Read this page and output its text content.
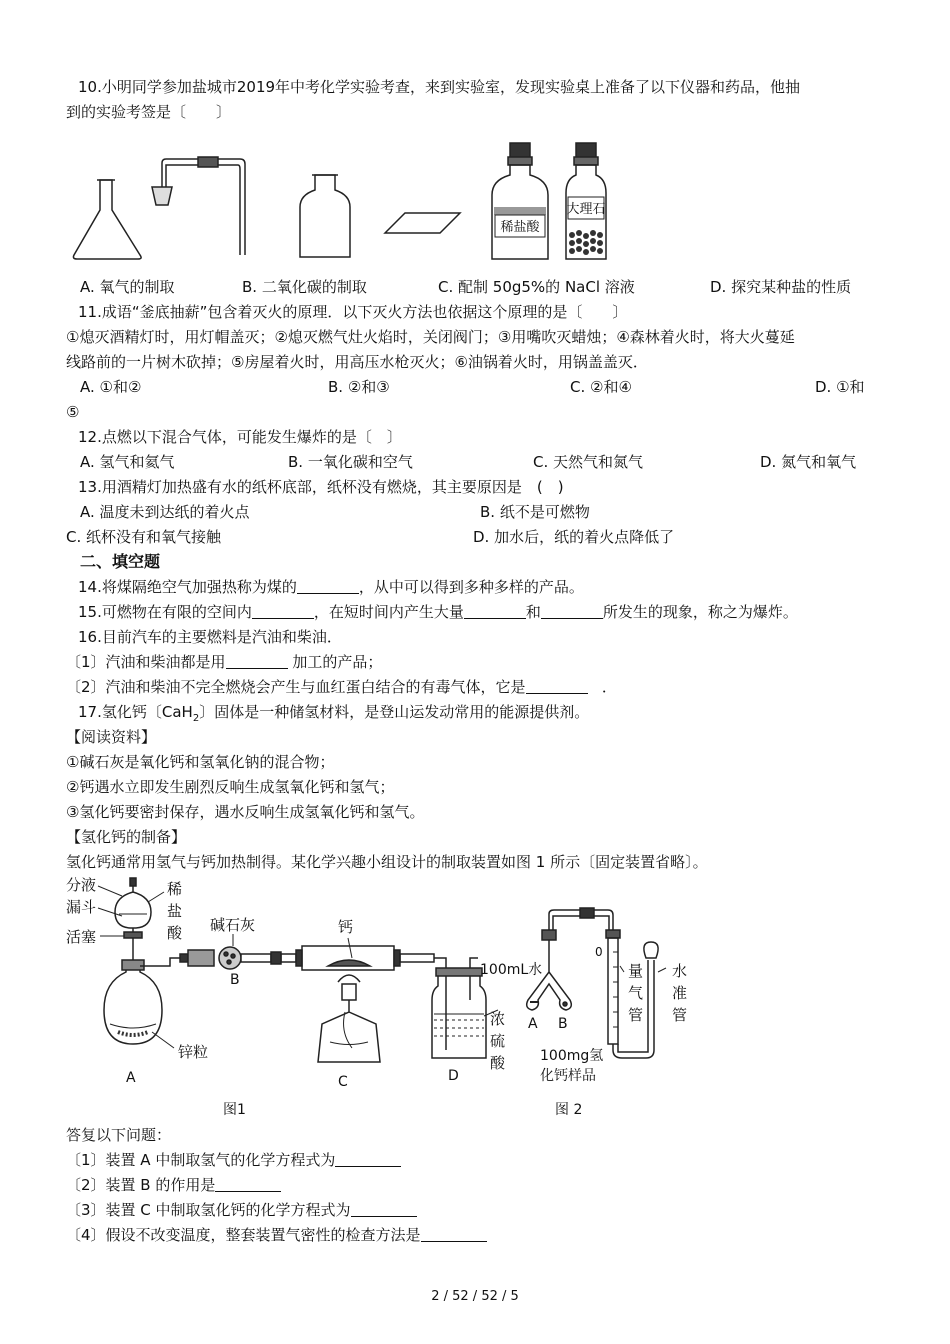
10.小明同学参加盐城市2019年中考化学实验考查，来到实验室，发现实验桌上准备了以下仪器和药品，他抽
到的实验考签是〔　　〕
稀盐酸
大理石
A. 氧气的制取	B. 二氧化碳的制取	C. 配制 50g5%的 NaCl 溶液	D. 探究某种盐的性质
11.成语“釜底抽薪”包含着灭火的原理．以下灭火方法也依据这个原理的是〔　　〕
①熄灭酒精灯时，用灯帽盖灭；②熄灭燃气灶火焰时，关闭阀门；③用嘴吹灭蜡烛；④森林着火时，将大火蔓延
线路前的一片树木砍掉；⑤房屋着火时，用高压水枪灭火；⑥油锅着火时，用锅盖盖灭．
A. ①和②	B. ②和③	C. ②和④	D. ①和
⑤
12.点燃以下混合气体，可能发生爆炸的是〔　〕
A. 氢气和氦气	B. 一氧化碳和空气	C. 天然气和氮气	D. 氮气和氧气
13.用酒精灯加热盛有水的纸杯底部，纸杯没有燃烧，其主要原因是　(　)
A. 温度未到达纸的着火点	B. 纸不是可燃物
C. 纸杯没有和氧气接触	D. 加水后，纸的着火点降低了
二、填空题
14.将煤隔绝空气加强热称为煤的	，从中可以得到多种多样的产品。
15.可燃物在有限的空间内	，在短时间内产生大量	和	所发生的现象，称之为爆炸。
16.目前汽车的主要燃料是汽油和柴油．
〔1〕汽油和柴油都是用	加工的产品；
〔2〕汽油和柴油不完全燃烧会产生与血红蛋白结合的有毒气体，它是	．
17.氢化钙〔CaH$_2$〕固体是一种储氢材料，是登山运发动常用的能源提供剂。
【阅读资料】
①碱石灰是氧化钙和氢氧化钠的混合物；
②钙遇水立即发生剧烈反响生成氢氧化钙和氢气；
③氢化钙要密封保存，遇水反响生成氢氧化钙和氢气。
【氢化钙的制备】
氢化钙通常用氢气与钙加热制得。某化学兴趣小组设计的制取装置如图 1 所示〔固定装置省略〕。
分液
漏斗
活塞
稀
盐
酸 碱石灰	钙
锌粒
浓
硫
酸
A
B
C	D
图1
100mL水
A B
0
100mg氢
化钙样品
图 2
量
气
管
水
准
管
答复以下问题：
〔1〕装置 A 中制取氢气的化学方程式为
〔2〕装置 B 的作用是
〔3〕装置 C 中制取氢化钙的化学方程式为
〔4〕假设不改变温度，整套装置气密性的检查方法是
2 / 52 / 52 / 5
